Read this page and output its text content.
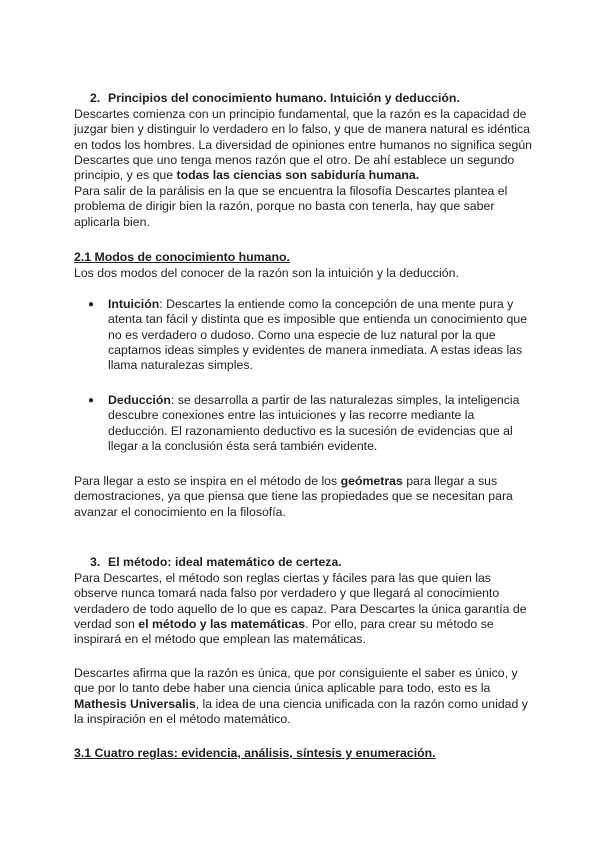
2. Principios del conocimiento humano. Intuición y deducción.

Descartes comienza con un principio fundamental, que la razón es la capacidad de juzgar bien y distinguir lo verdadero en lo falso, y que de manera natural es idéntica en todos los hombres. La diversidad de opiniones entre humanos no significa según Descartes que uno tenga menos razón que el otro. De ahí establece un segundo principio, y es que todas las ciencias son sabiduría humana.

Para salir de la parálisis en la que se encuentra la filosofía Descartes plantea el problema de dirigir bien la razón, porque no basta con tenerla, hay que saber aplicarla bien.

2.1 Modos de conocimiento humano.

Los dos modos del conocer de la razón son la intuición y la deducción.

● Intuición: Descartes la entiende como la concepción de una mente pura y atenta tan fácil y distinta que es imposible que entienda un conocimiento que no es verdadero o dudoso. Como una especie de luz natural por la que captamos ideas simples y evidentes de manera inmediata. A estas ideas las llama naturalezas simples.

● Deducción: se desarrolla a partir de las naturalezas simples, la inteligencia descubre conexiones entre las intuiciones y las recorre mediante la deducción. El razonamiento deductivo es la sucesión de evidencias que al llegar a la conclusión ésta será también evidente.

Para llegar a esto se inspira en el método de los geómetras para llegar a sus demostraciones, ya que piensa que tiene las propiedades que se necesitan para avanzar el conocimiento en la filosofía.

3. El método: ideal matemático de certeza.

Para Descartes, el método son reglas ciertas y fáciles para las que quien las observe nunca tomará nada falso por verdadero y que llegará al conocimiento verdadero de todo aquello de lo que es capaz. Para Descartes la única garantía de verdad son el método y las matemáticas. Por ello, para crear su método se inspirará en el método que emplean las matemáticas.

Descartes afirma que la razón es única, que por consiguiente el saber es único, y que por lo tanto debe haber una ciencia única aplicable para todo, esto es la Mathesis Universalis, la idea de una ciencia unificada con la razón como unidad y la inspiración en el método matemático.

3.1 Cuatro reglas: evidencia, análisis, síntesis y enumeración.
